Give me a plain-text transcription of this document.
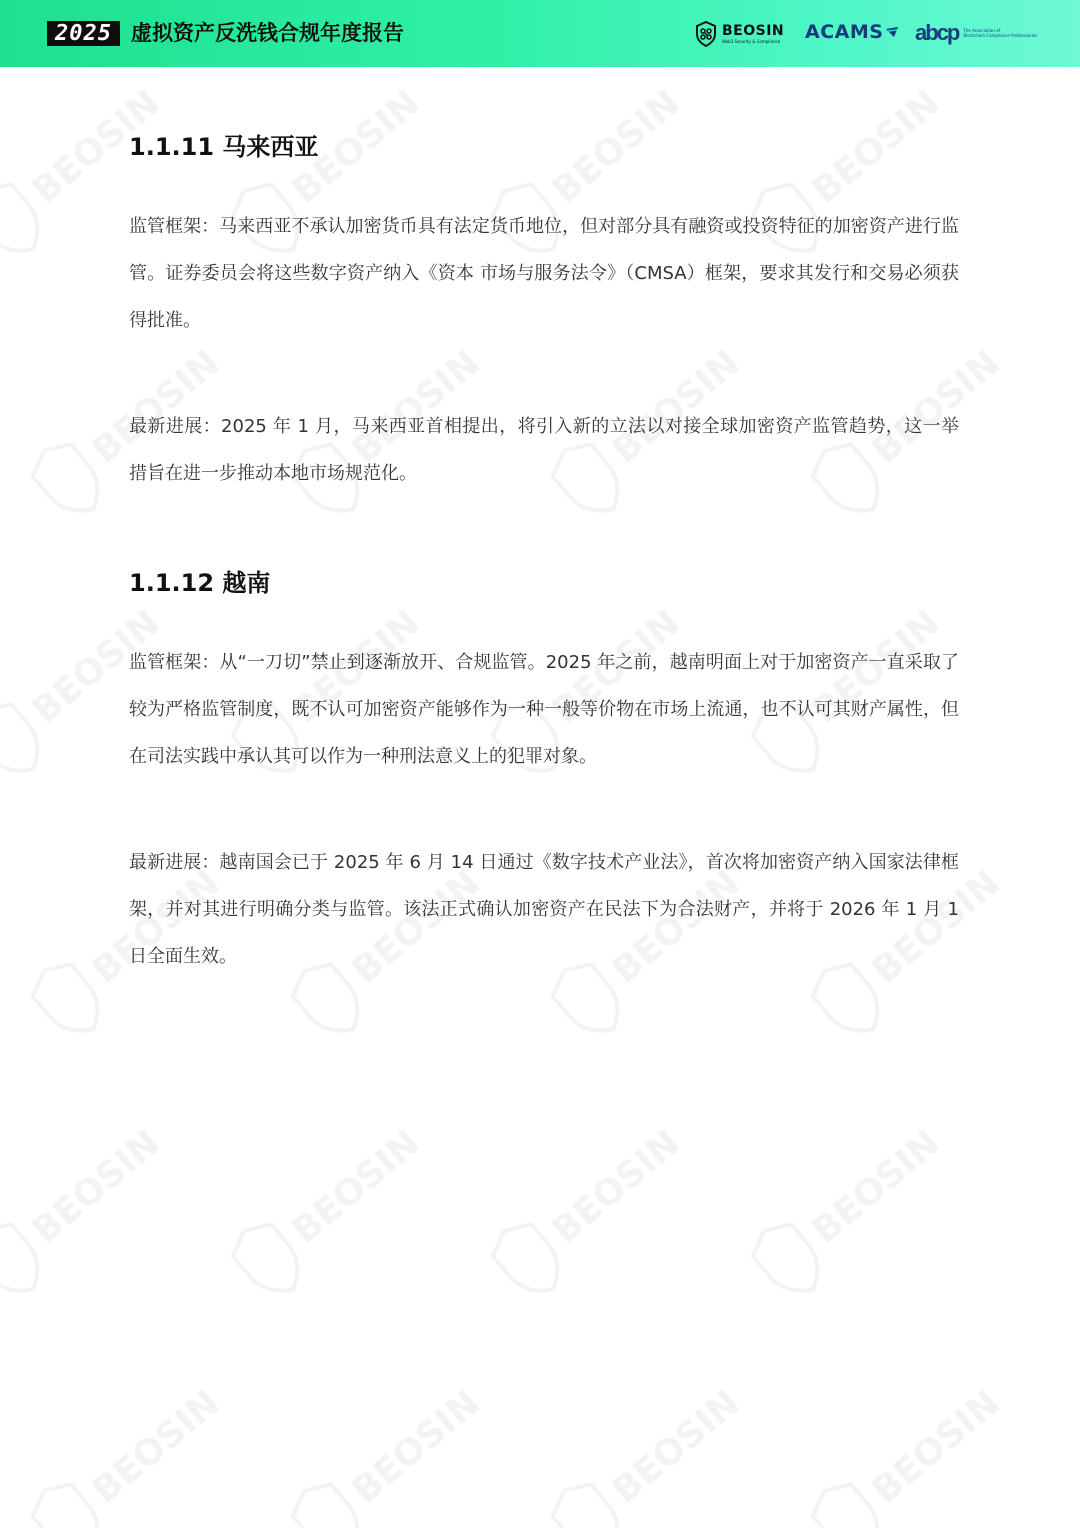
2025 虚拟资产反洗钱合规年度报告	BEOSIN
Web3 Security & Compliance ACAMS abcp The Association of
Blockchain Compliance Professionals
1.1.11 马来西亚
监管框架：马来西亚不承认加密货币具有法定货币地位，但对部分具有融资或投资特征的加密资产进行监管。证券委员会将这些数字资产纳入《资本 市场与服务法令》（CMSA）框架，要求其发行和交易必须获得批准。
最新进展：2025 年 1 月，马来西亚首相提出，将引入新的立法以对接全球加密资产监管趋势，这一举措旨在进一步推动本地市场规范化。
1.1.12 越南
监管框架：从“一刀切”禁止到逐渐放开、合规监管。2025 年之前，越南明面上对于加密资产一直采取了较为严格监管制度，既不认可加密资产能够作为一种一般等价物在市场上流通，也不认可其财产属性，但在司法实践中承认其可以作为一种刑法意义上的犯罪对象。
最新进展：越南国会已于 2025 年 6 月 14 日通过《数字技术产业法》，首次将加密资产纳入国家法律框架，并对其进行明确分类与监管。该法正式确认加密资产在民法下为合法财产，并将于 2026 年 1 月 1 日全面生效。
